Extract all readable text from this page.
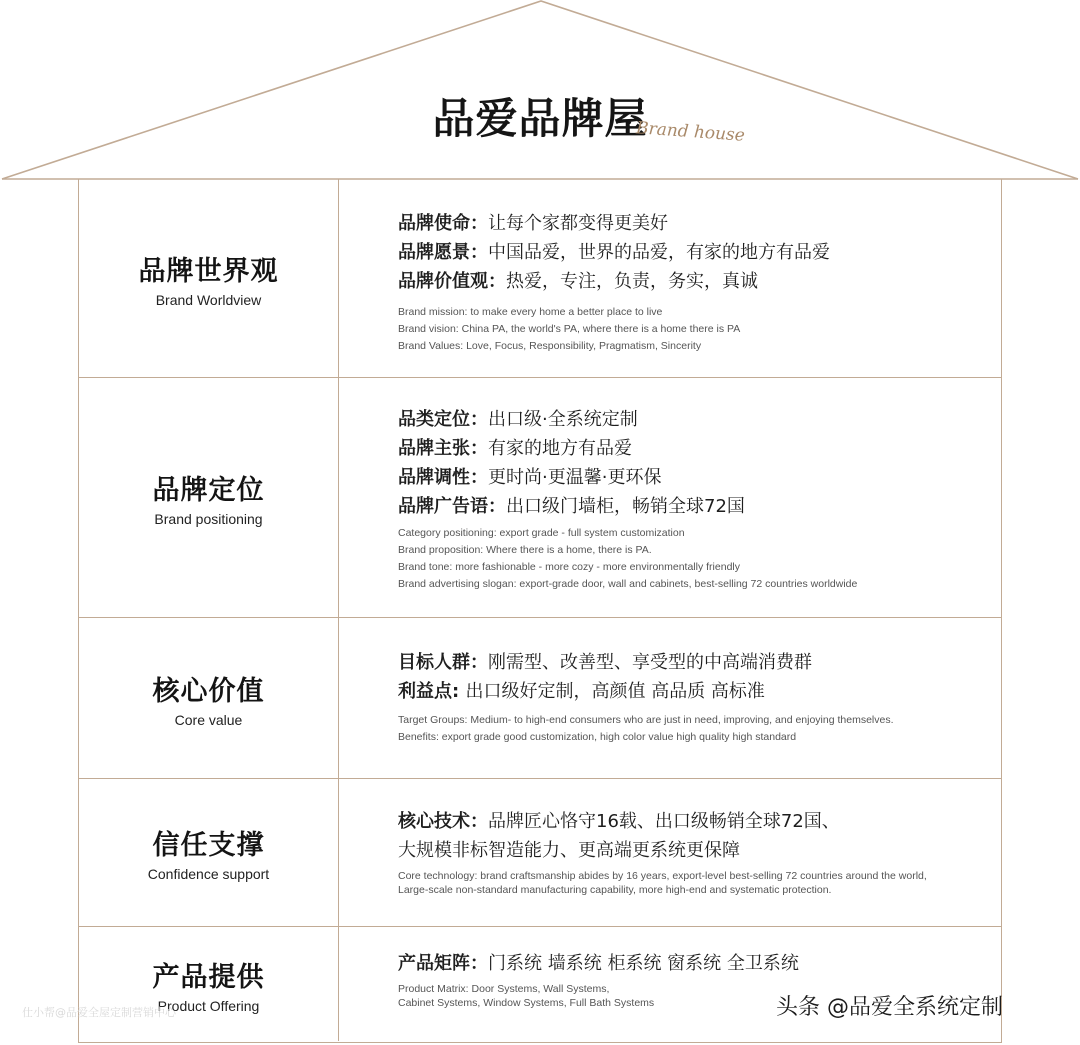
品爱品牌屋
Brand house
品牌世界观
Brand Worldview
品牌使命：让每个家都变得更美好
品牌愿景：中国品爱，世界的品爱，有家的地方有品爱
品牌价值观：热爱，专注，负责，务实，真诚
Brand mission: to make every home a better place to live
Brand vision: China PA, the world's PA, where there is a home there is PA
Brand Values: Love, Focus, Responsibility, Pragmatism, Sincerity
品牌定位
Brand positioning
品类定位：出口级·全系统定制
品牌主张：有家的地方有品爱
品牌调性：更时尚·更温馨·更环保
品牌广告语：出口级门墙柜，畅销全球72国
Category positioning: export grade - full system customization
Brand proposition: Where there is a home, there is PA.
Brand tone: more fashionable - more cozy - more environmentally friendly
Brand advertising slogan: export-grade door, wall and cabinets, best-selling 72 countries worldwide
核心价值
Core value
目标人群：刚需型、改善型、享受型的中高端消费群
利益点: 出口级好定制，高颜值 高品质 高标准
Target Groups: Medium- to high-end consumers who are just in need, improving, and enjoying themselves.
Benefits: export grade good customization, high color value high quality high standard
信任支撑
Confidence support
核心技术：品牌匠心恪守16载、出口级畅销全球72国、
大规模非标智造能力、更高端更系统更保障
Core technology: brand craftsmanship abides by 16 years, export-level best-selling 72 countries around the world,
Large-scale non-standard manufacturing capability, more high-end and systematic protection.
产品提供
Product Offering
产品矩阵：门系统 墙系统 柜系统 窗系统 全卫系统
Product Matrix: Door Systems, Wall Systems,
Cabinet Systems, Window Systems, Full Bath Systems
仕小帮@品爱全屋定制营销中心	头条 @品爱全系统定制
